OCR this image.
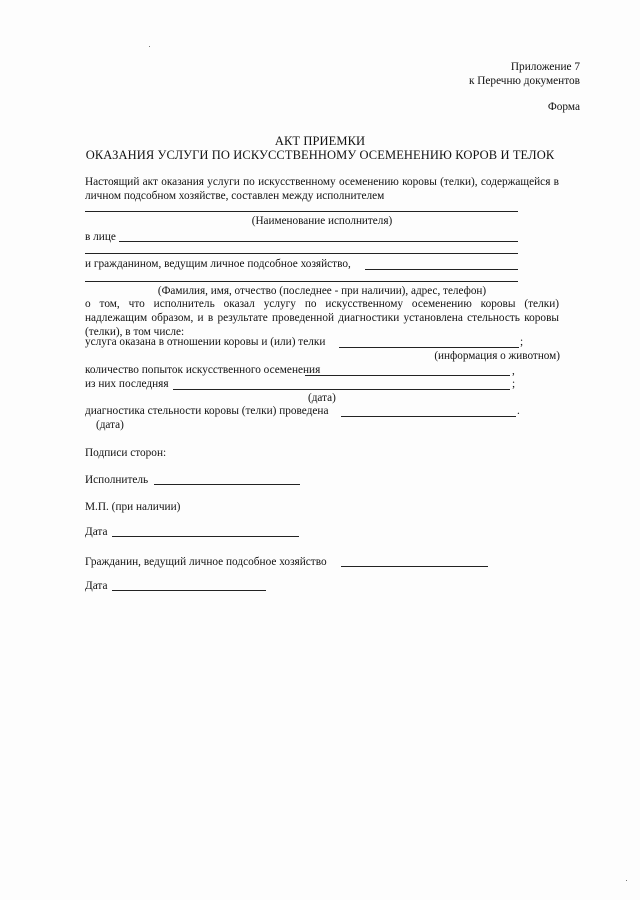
Приложение 7
к Перечню документов
Форма
АКТ ПРИЕМКИ
ОКАЗАНИЯ УСЛУГИ ПО ИСКУССТВЕННОМУ ОСЕМЕНЕНИЮ КОРОВ И ТЕЛОК
Настоящий акт оказания услуги по искусственному осеменению коровы (телки), содержащейся в личном подсобном хозяйстве, составлен между исполнителем
(Наименование исполнителя)
в лице
и гражданином, ведущим личное подсобное хозяйство,
(Фамилия, имя, отчество (последнее - при наличии), адрес, телефон)
о том, что исполнитель оказал услугу по искусственному осеменению коровы (телки) надлежащим образом, и в результате проведенной диагностики установлена стельность коровы (телки), в том числе:
услуга оказана в отношении коровы и (или) телки	;
(информация о животном)
количество попыток искусственного осеменения	,
из них последняя	;
(дата)
диагностика стельности коровы (телки) проведена	.
(дата)
Подписи сторон:
Исполнитель
М.П. (при наличии)
Дата
Гражданин, ведущий личное подсобное хозяйство
Дата
